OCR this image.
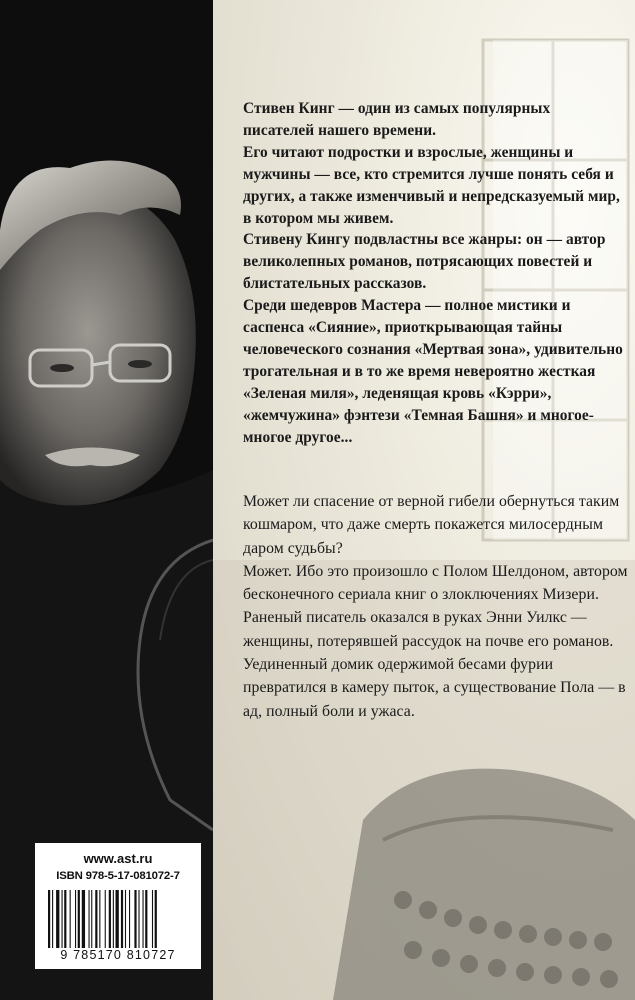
www.ast.ru
ISBN 978-5-17-081072-7
9 785170 810727

Стивен Кинг — один из самых популярных писателей нашего времени.

Его читают подростки и взрослые, женщины и мужчины — все, кто стремится лучше понять себя и других, а также изменчивый и непредсказуемый мир, в котором мы живем.

Стивену Кингу подвластны все жанры: он — автор великолепных романов, потрясающих повестей и блистательных рассказов.

Среди шедевров Мастера — полное мистики и саспенса «Сияние», приоткрывающая тайны человеческого сознания «Мертвая зона», удивительно трогательная и в то же время невероятно жесткая «Зеленая миля», леденящая кровь «Кэрри», «жемчужина» фэнтези «Темная Башня» и многое-многое другое...

Может ли спасение от верной гибели обернуться таким кошмаром, что даже смерть покажется милосердным даром судьбы?

Может. Ибо это произошло с Полом Шелдоном, автором бесконечного сериала книг о злоключениях Мизери.

Раненый писатель оказался в руках Энни Уилкс — женщины, потерявшей рассудок на почве его романов. Уединенный домик одержимой бесами фурии превратился в камеру пыток, а существование Пола — в ад, полный боли и ужаса.
